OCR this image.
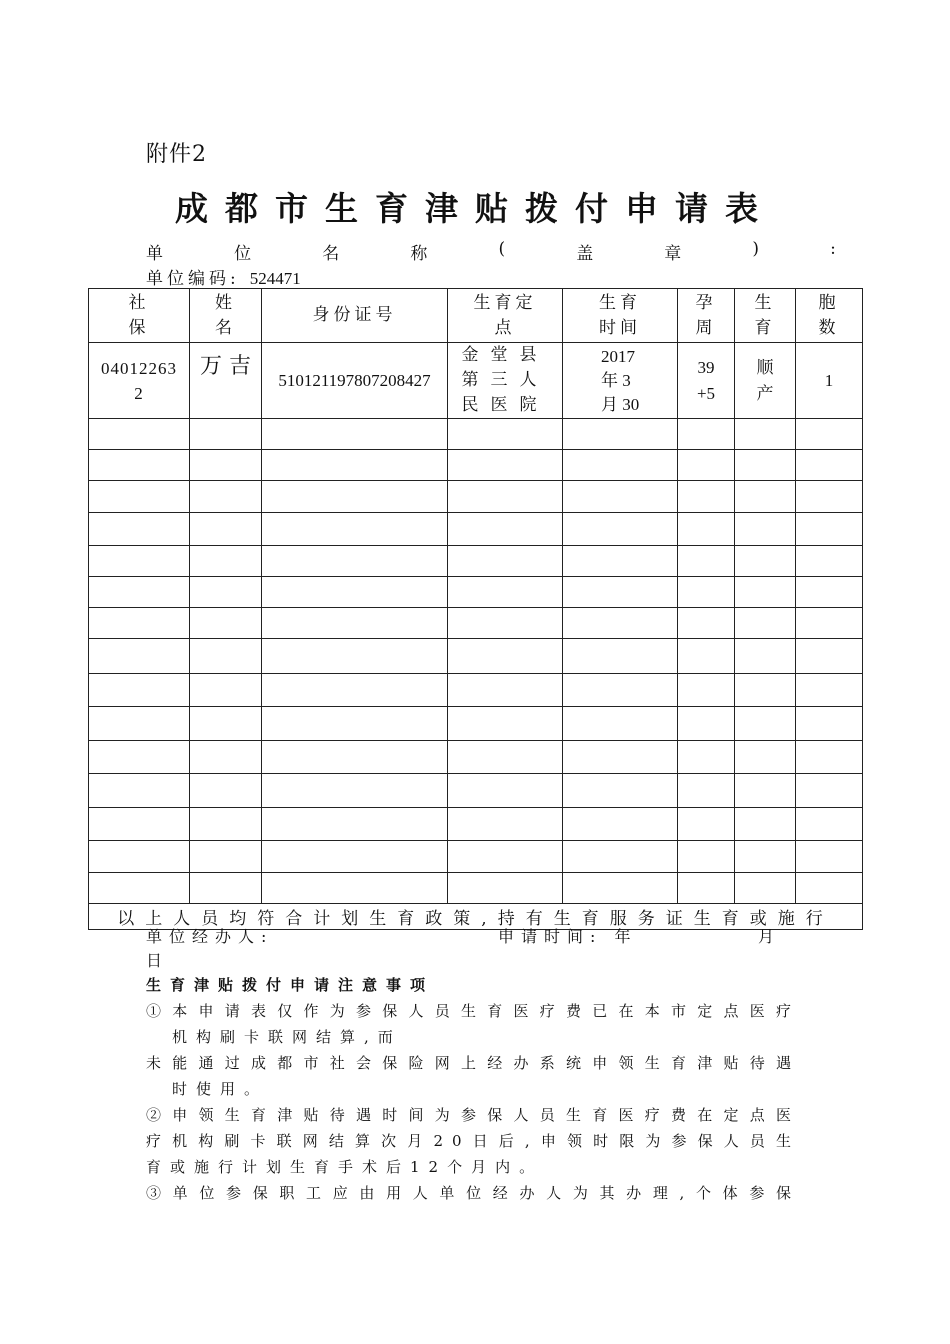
附件2
成都市生育津贴拨付申请表
单	位	名	称	(	盖	章	)	:
单位编码: 524471
社保	姓名	身份证号	生育定点	生育时间	孕周	生育	胞数
04012263 2	万 吉	510121197807208427	金堂县第三人民医院	2017 年 3 月 30	39 +5	顺 产	1

以上人员均符合计划生育政策,持有生育服务证生育或施行							
单位经办人:	申请时间: 年	月
日

生育津贴拨付申请注意事项

①本申请表仅作为参保人员生育医疗费已在本市定点医疗

机构刷卡联网结算,而

未能通过成都市社会保险网上经办系统申领生育津贴待遇

时使用。

②申领生育津贴待遇时间为参保人员生育医疗费在定点医

疗机构刷卡联网结算次月20日后,申领时限为参保人员生

育或施行计划生育手术后12个月内。

③单位参保职工应由用人单位经办人为其办理,个体参保
